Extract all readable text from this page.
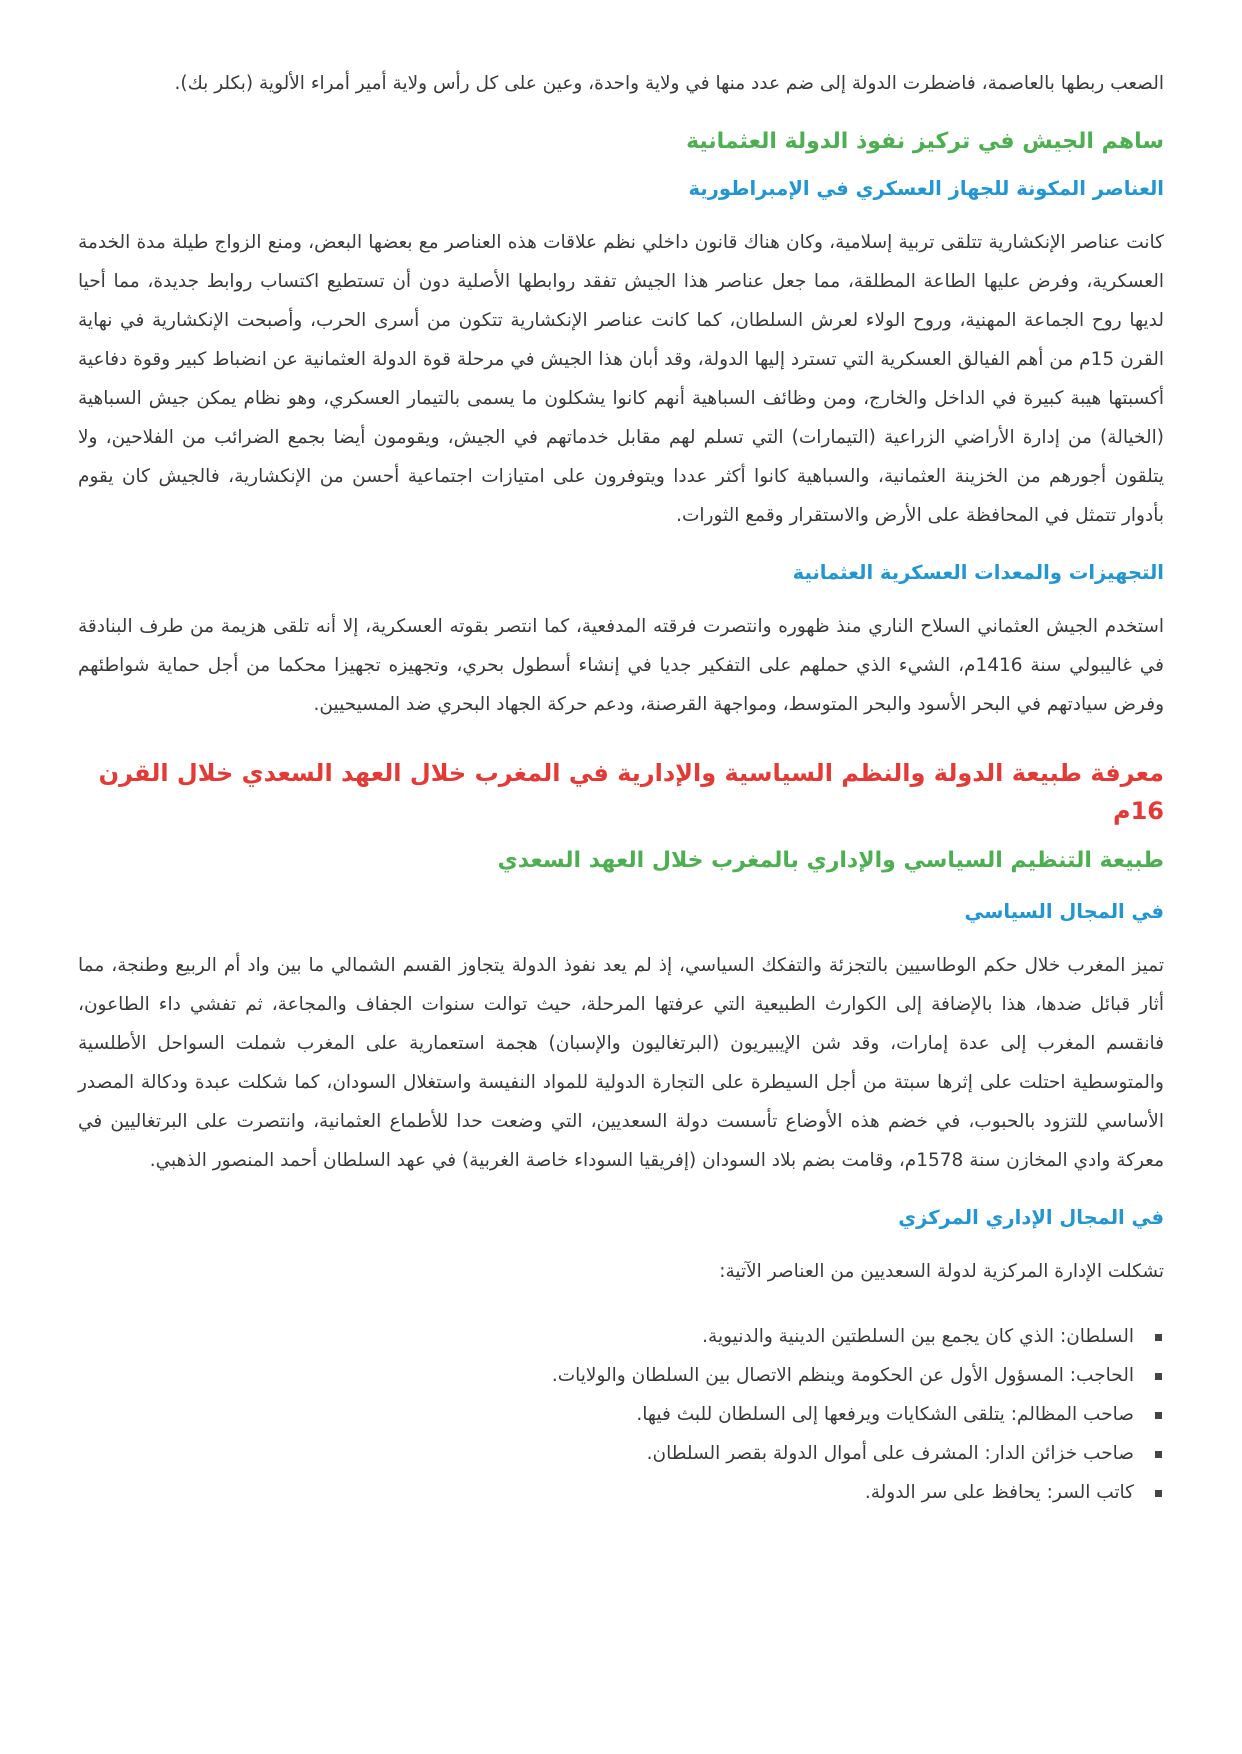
الصعب ربطها بالعاصمة، فاضطرت الدولة إلى ضم عدد منها في ولاية واحدة، وعين على كل رأس ولاية أمير أمراء الألوية (بكلر بك).

ساهم الجيش في تركيز نفوذ الدولة العثمانية
العناصر المكونة للجهاز العسكري في الإمبراطورية

كانت عناصر الإنكشارية تتلقى تربية إسلامية، وكان هناك قانون داخلي نظم علاقات هذه العناصر مع بعضها البعض، ومنع الزواج طيلة مدة الخدمة العسكرية، وفرض عليها الطاعة المطلقة، مما جعل عناصر هذا الجيش تفقد روابطها الأصلية دون أن تستطيع اكتساب روابط جديدة، مما أحيا لديها روح الجماعة المهنية، وروح الولاء لعرش السلطان، كما كانت عناصر الإنكشارية تتكون من أسرى الحرب، وأصبحت الإنكشارية في نهاية القرن 15م من أهم الفيالق العسكرية التي تسترد إليها الدولة، وقد أبان هذا الجيش في مرحلة قوة الدولة العثمانية عن انضباط كبير وقوة دفاعية أكسبتها هيبة كبيرة في الداخل والخارج، ومن وظائف السباهية أنهم كانوا يشكلون ما يسمى بالتيمار العسكري، وهو نظام يمكن جيش السباهية (الخيالة) من إدارة الأراضي الزراعية (التيمارات) التي تسلم لهم مقابل خدماتهم في الجيش، ويقومون أيضا بجمع الضرائب من الفلاحين، ولا يتلقون أجورهم من الخزينة العثمانية، والسباهية كانوا أكثر عددا ويتوفرون على امتيازات اجتماعية أحسن من الإنكشارية، فالجيش كان يقوم بأدوار تتمثل في المحافظة على الأرض والاستقرار وقمع الثورات.

التجهيزات والمعدات العسكرية العثمانية

استخدم الجيش العثماني السلاح الناري منذ ظهوره وانتصرت فرقته المدفعية، كما انتصر بقوته العسكرية، إلا أنه تلقى هزيمة من طرف البنادقة في غاليبولي سنة 1416م، الشيء الذي حملهم على التفكير جديا في إنشاء أسطول بحري، وتجهيزه تجهيزا محكما من أجل حماية شواطئهم وفرض سيادتهم في البحر الأسود والبحر المتوسط، ومواجهة القرصنة، ودعم حركة الجهاد البحري ضد المسيحيين.

معرفة طبيعة الدولة والنظم السياسية والإدارية في المغرب خلال العهد السعدي خلال القرن 16م
طبيعة التنظيم السياسي والإداري بالمغرب خلال العهد السعدي
في المجال السياسي

تميز المغرب خلال حكم الوطاسيين بالتجزئة والتفكك السياسي، إذ لم يعد نفوذ الدولة يتجاوز القسم الشمالي ما بين واد أم الربيع وطنجة، مما أثار قبائل ضدها، هذا بالإضافة إلى الكوارث الطبيعية التي عرفتها المرحلة، حيث توالت سنوات الجفاف والمجاعة، ثم تفشي داء الطاعون، فانقسم المغرب إلى عدة إمارات، وقد شن الإيبيريون (البرتغاليون والإسبان) هجمة استعمارية على المغرب شملت السواحل الأطلسية والمتوسطية احتلت على إثرها سبتة من أجل السيطرة على التجارة الدولية للمواد النفيسة واستغلال السودان، كما شكلت عبدة ودكالة المصدر الأساسي للتزود بالحبوب، في خضم هذه الأوضاع تأسست دولة السعديين، التي وضعت حدا للأطماع العثمانية، وانتصرت على البرتغاليين في معركة وادي المخازن سنة 1578م، وقامت بضم بلاد السودان (إفريقيا السوداء خاصة الغربية) في عهد السلطان أحمد المنصور الذهبي.

في المجال الإداري المركزي

تشكلت الإدارة المركزية لدولة السعديين من العناصر الآتية:

السلطان: الذي كان يجمع بين السلطتين الدينية والدنيوية.
الحاجب: المسؤول الأول عن الحكومة وينظم الاتصال بين السلطان والولايات.
صاحب المظالم: يتلقى الشكايات ويرفعها إلى السلطان للبث فيها.
صاحب خزائن الدار: المشرف على أموال الدولة بقصر السلطان.
كاتب السر: يحافظ على سر الدولة.
